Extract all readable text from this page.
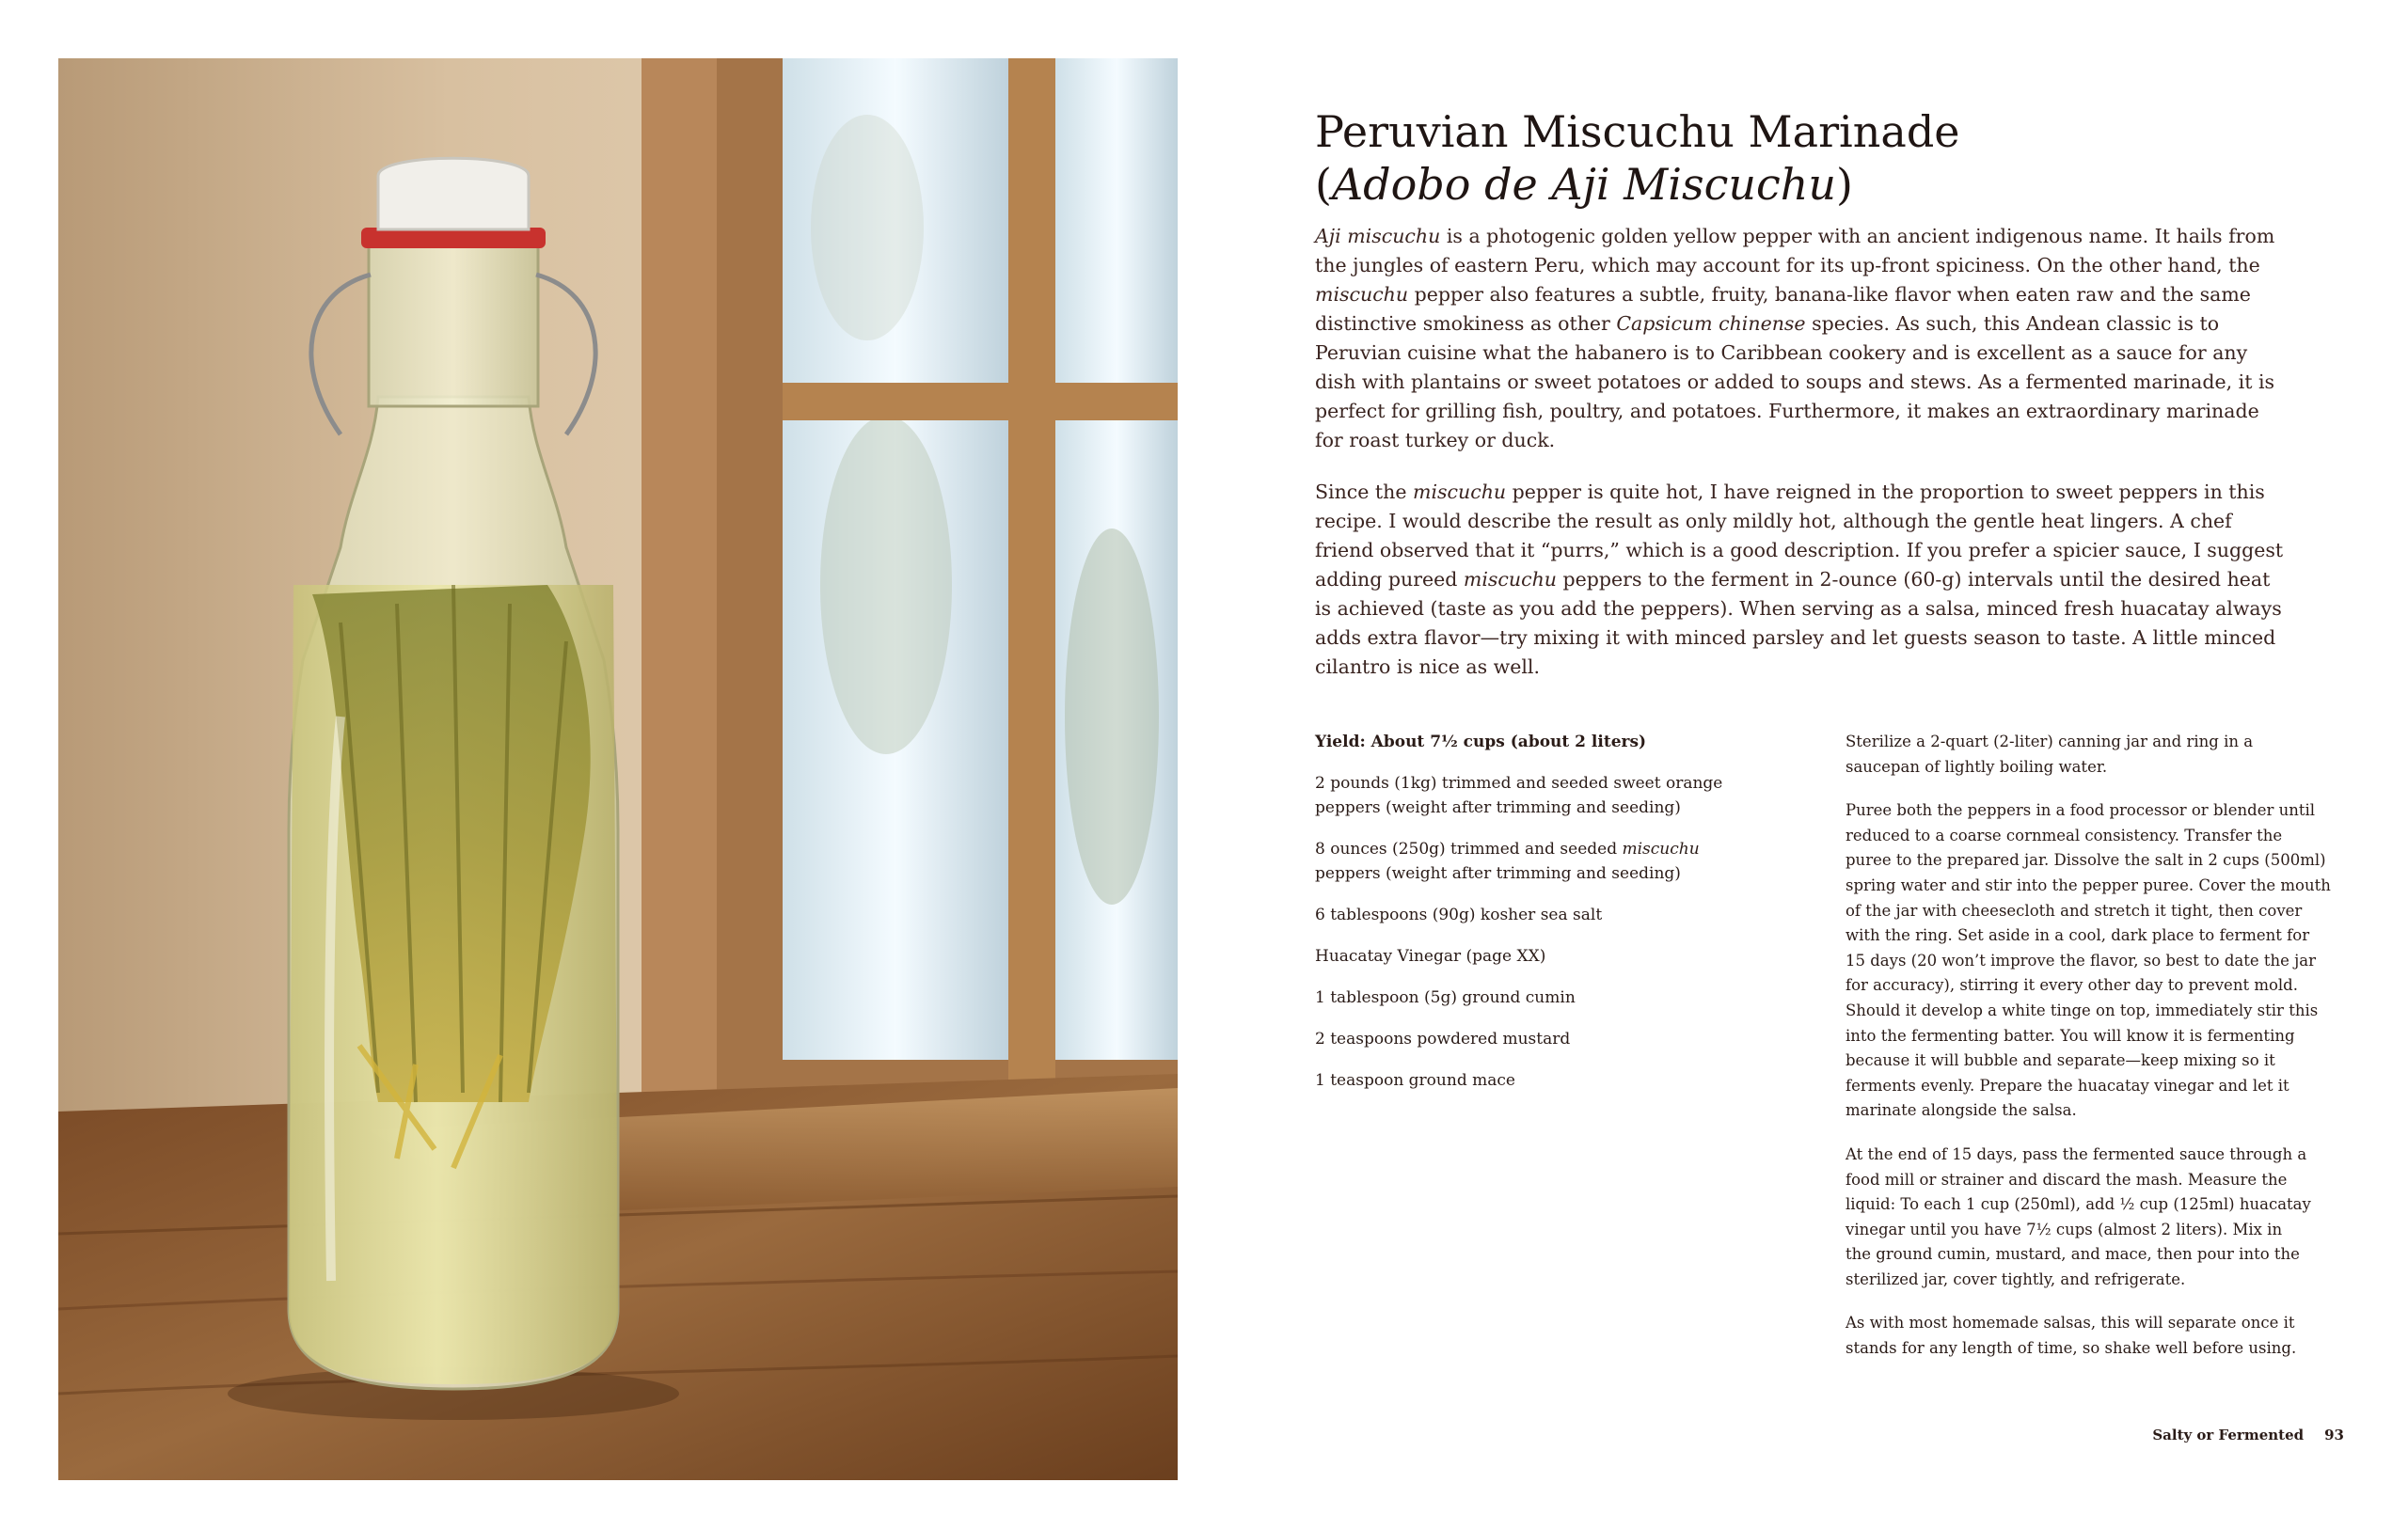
Peruvian Miscuchu Marinade
(Adobo de Aji Miscuchu)

Aji miscuchu is a photogenic golden yellow pepper with an ancient indigenous name. It hails from
the jungles of eastern Peru, which may account for its up-front spiciness. On the other hand, the
miscuchu pepper also features a subtle, fruity, banana-like flavor when eaten raw and the same
distinctive smokiness as other Capsicum chinense species. As such, this Andean classic is to
Peruvian cuisine what the habanero is to Caribbean cookery and is excellent as a sauce for any
dish with plantains or sweet potatoes or added to soups and stews. As a fermented marinade, it is
perfect for grilling fish, poultry, and potatoes. Furthermore, it makes an extraordinary marinade
for roast turkey or duck.

Since the miscuchu pepper is quite hot, I have reigned in the proportion to sweet peppers in this
recipe. I would describe the result as only mildly hot, although the gentle heat lingers. A chef
friend observed that it “purrs,” which is a good description. If you prefer a spicier sauce, I suggest
adding pureed miscuchu peppers to the ferment in 2-ounce (60-g) intervals until the desired heat
is achieved (taste as you add the peppers). When serving as a salsa, minced fresh huacatay always
adds extra flavor—try mixing it with minced parsley and let guests season to taste. A little minced
cilantro is nice as well.

Yield: About 7½ cups (about 2 liters)

2 pounds (1kg) trimmed and seeded sweet orange
peppers (weight after trimming and seeding)

8 ounces (250g) trimmed and seeded miscuchu
peppers (weight after trimming and seeding)

6 tablespoons (90g) kosher sea salt

Huacatay Vinegar (page XX)

1 tablespoon (5g) ground cumin

2 teaspoons powdered mustard

1 teaspoon ground mace

Sterilize a 2-quart (2-liter) canning jar and ring in a
saucepan of lightly boiling water.

Puree both the peppers in a food processor or blender until
reduced to a coarse cornmeal consistency. Transfer the
puree to the prepared jar. Dissolve the salt in 2 cups (500ml)
spring water and stir into the pepper puree. Cover the mouth
of the jar with cheesecloth and stretch it tight, then cover
with the ring. Set aside in a cool, dark place to ferment for
15 days (20 won’t improve the flavor, so best to date the jar
for accuracy), stirring it every other day to prevent mold.
Should it develop a white tinge on top, immediately stir this
into the fermenting batter. You will know it is fermenting
because it will bubble and separate—keep mixing so it
ferments evenly. Prepare the huacatay vinegar and let it
marinate alongside the salsa.

At the end of 15 days, pass the fermented sauce through a
food mill or strainer and discard the mash. Measure the
liquid: To each 1 cup (250ml), add ½ cup (125ml) huacatay
vinegar until you have 7½ cups (almost 2 liters). Mix in
the ground cumin, mustard, and mace, then pour into the
sterilized jar, cover tightly, and refrigerate.

As with most homemade salsas, this will separate once it
stands for any length of time, so shake well before using.

Salty or Fermented 93
